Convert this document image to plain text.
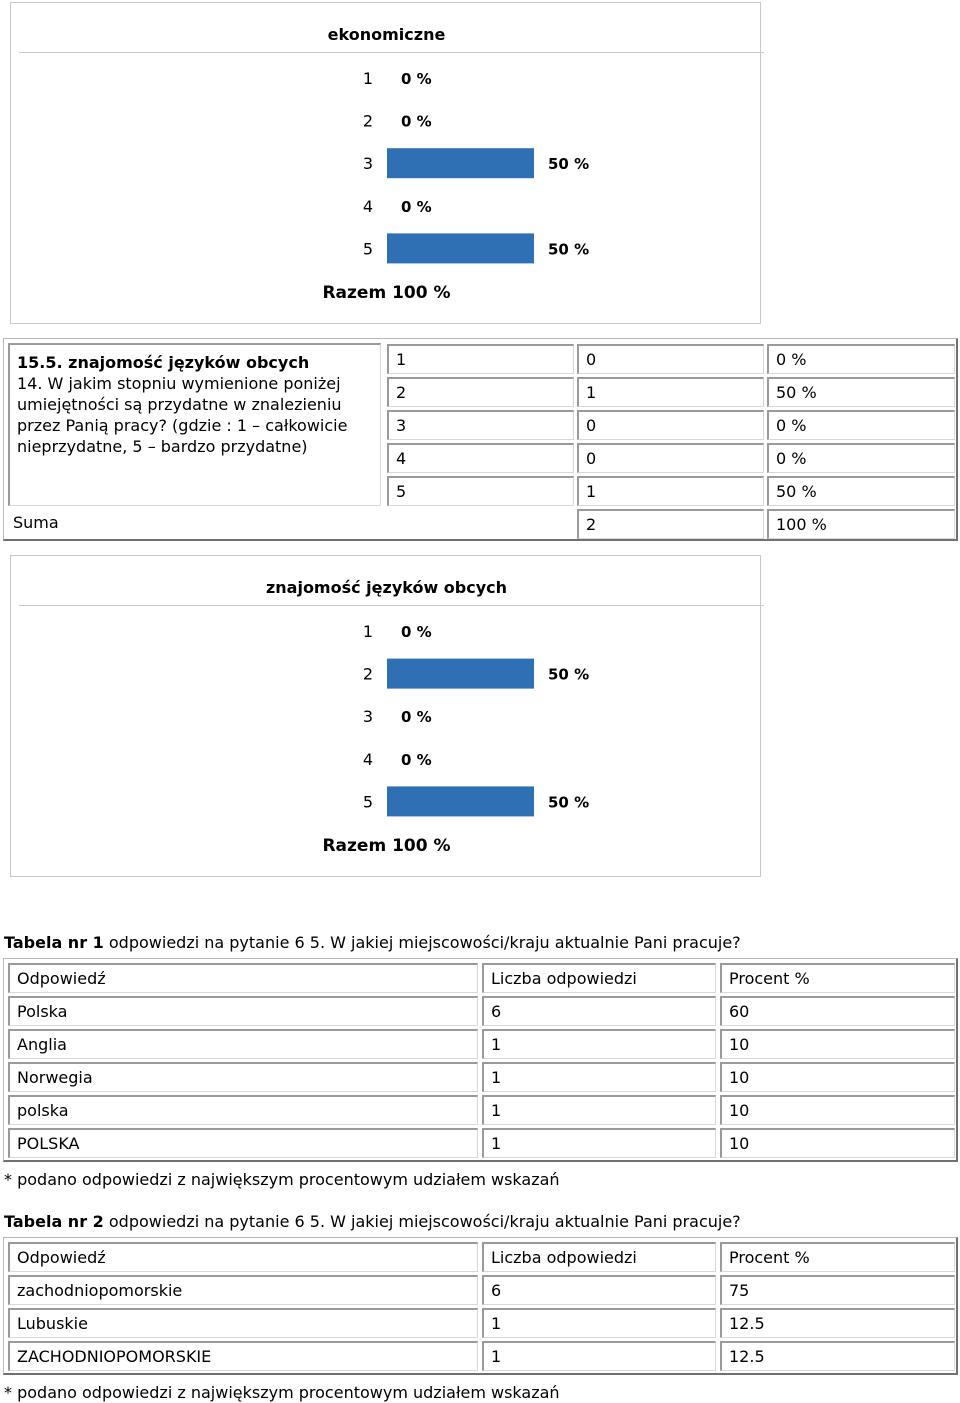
ekonomiczne
1 0 %
2 0 %
3	50 %
4 0 %
5	50 %
Razem 100 %
15.5. znajomość języków obcych
14. W jakim stopniu wymienione poniżej umiejętności są przydatne w znalezieniu przez Panią pracy? (gdzie : 1 – całkowicie nieprzydatne, 5 – bardzo przydatne)
1	0	0 %
2	1	50 %
3	0	0 %
4	0	0 %
5	1	50 %
Suma	2	100 %
znajomość języków obcych
1 0 %
2	50 %
3 0 %
4 0 %
5	50 %
Razem 100 %
Tabela nr 1 odpowiedzi na pytanie 6 5. W jakiej miejscowości/kraju aktualnie Pani pracuje?
Odpowiedź	Liczba odpowiedzi	Procent %
Polska	6	60
Anglia	1	10
Norwegia	1	10
polska	1	10
POLSKA	1	10
* podano odpowiedzi z największym procentowym udziałem wskazań
Tabela nr 2 odpowiedzi na pytanie 6 5. W jakiej miejscowości/kraju aktualnie Pani pracuje?
Odpowiedź	Liczba odpowiedzi	Procent %
zachodniopomorskie	6	75
Lubuskie	1	12.5
ZACHODNIOPOMORSKIE	1	12.5
* podano odpowiedzi z największym procentowym udziałem wskazań
